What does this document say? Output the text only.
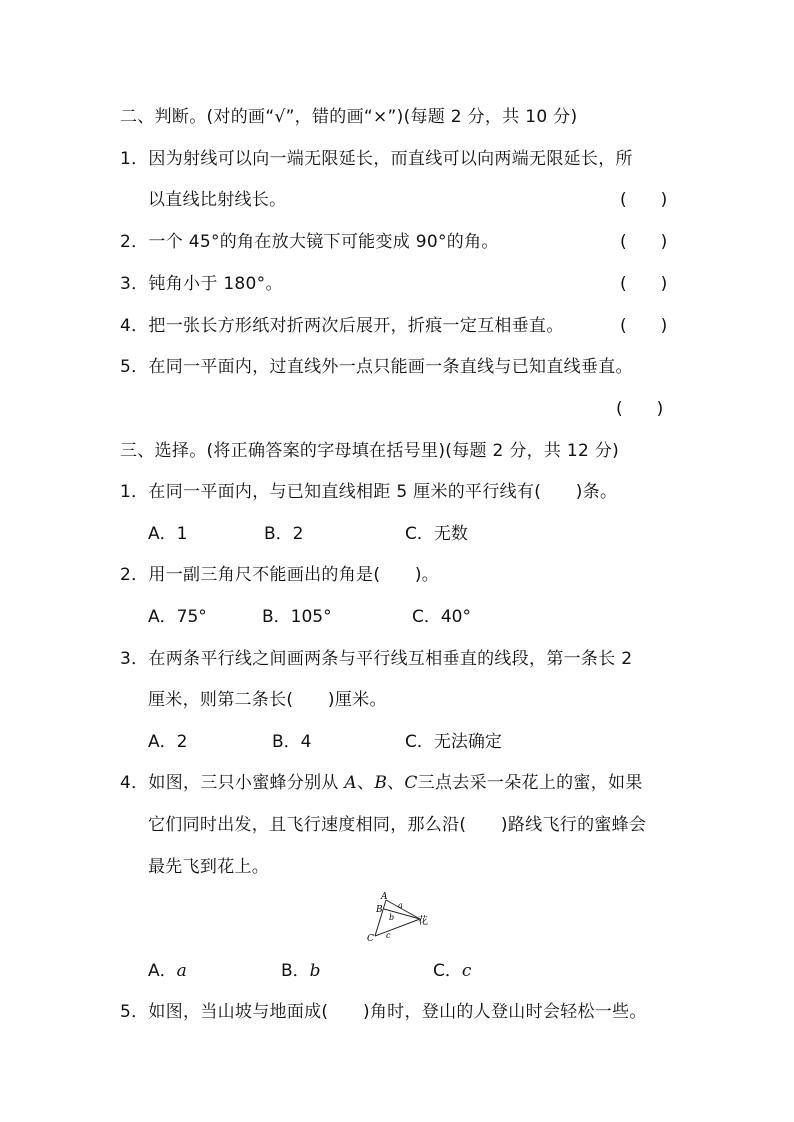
二、判断。(对的画“√”，错的画“×”)(每题 2 分，共 10 分)
1．因为射线可以向一端无限延长，而直线可以向两端无限延长，所
以直线比射线长。	(　　)
2．一个 45°的角在放大镜下可能变成 90°的角。	(　　)
3．钝角小于 180°。	(　　)
4．把一张长方形纸对折两次后展开，折痕一定互相垂直。	(　　)
5．在同一平面内，过直线外一点只能画一条直线与已知直线垂直。
(　　)
三、选择。(将正确答案的字母填在括号里)(每题 2 分，共 12 分)
1．在同一平面内，与已知直线相距 5 厘米的平行线有(　　)条。
A．1	B．2	C．无数
2．用一副三角尺不能画出的角是(　　)。
A．75°	B．105°	C．40°
3．在两条平行线之间画两条与平行线互相垂直的线段，第一条长 2
厘米，则第二条长(　　)厘米。
A．2	B．4	C．无法确定
4．如图，三只小蜜蜂分别从 A、B、C三点去采一朵花上的蜜，如果
它们同时出发，且飞行速度相同，那么沿(　　)路线飞行的蜜蜂会
最先飞到花上。
A
B
C
a
b
c
花
A．a	B．b	C．c
5．如图，当山坡与地面成(　　)角时，登山的人登山时会轻松一些。
